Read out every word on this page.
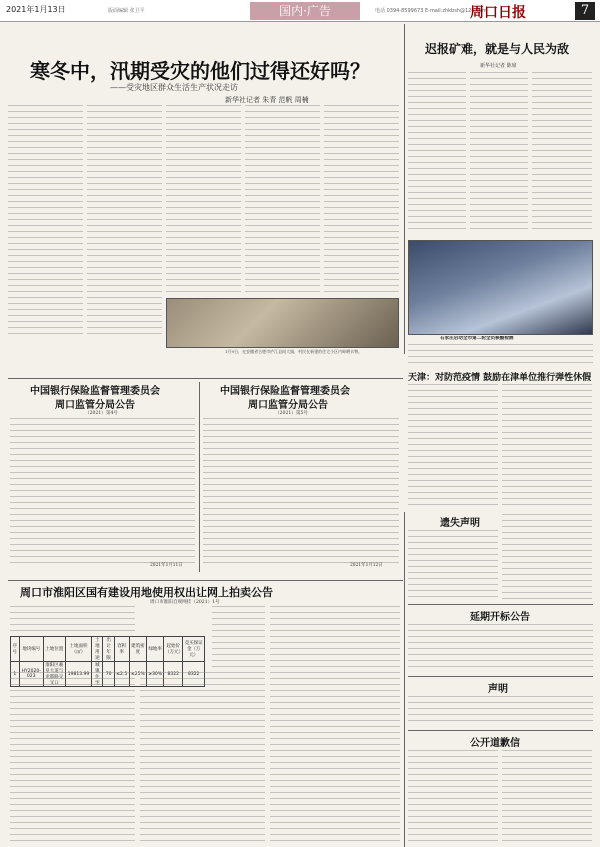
2021年1月13日	版面编辑 张卫平	电话 0394-8599673 E-mail:zhkbsh@126.com
国内·广告	周口日报	7
寒冬中，汛期受灾的他们过得还好吗？
——受灾地区群众生活生产状况走访
新华社记者 朱青 范帆 周楠
1月9日，在安徽省合肥市庐江县同大镇，村民在新建的住宅小区内晾晒衣物。
迟报矿难，就是与人民为敌
新华社记者 陈席
石家庄启动全市第二轮全员核酸检测
天津：对防范疫情 鼓励在津单位推行弹性休假
中国银行保险监督管理委员会
周口监管分局公告
（2021）第4号
2021年1月11日
中国银行保险监督管理委员会
周口监管分局公告
（2021）第5号
2021年1月12日
周口市淮阳区国有建设用地使用权出让网上拍卖公告
周口市淮阳自规网挂（2021）1号
序号	地块编号	土地位置	土地面积（㎡）	土地用途	出让年限	容积率	建筑密度	绿地率	起始价（万元）	竞买保证金（万元）
1	HY2020-023	淮阳区羲皇大道与龙都路交叉口	19813.99	城镇住宅	70	≤2.5	≤25%	≥30%	8322	8322
遗失声明
延期开标公告
声明
公开道歉信
